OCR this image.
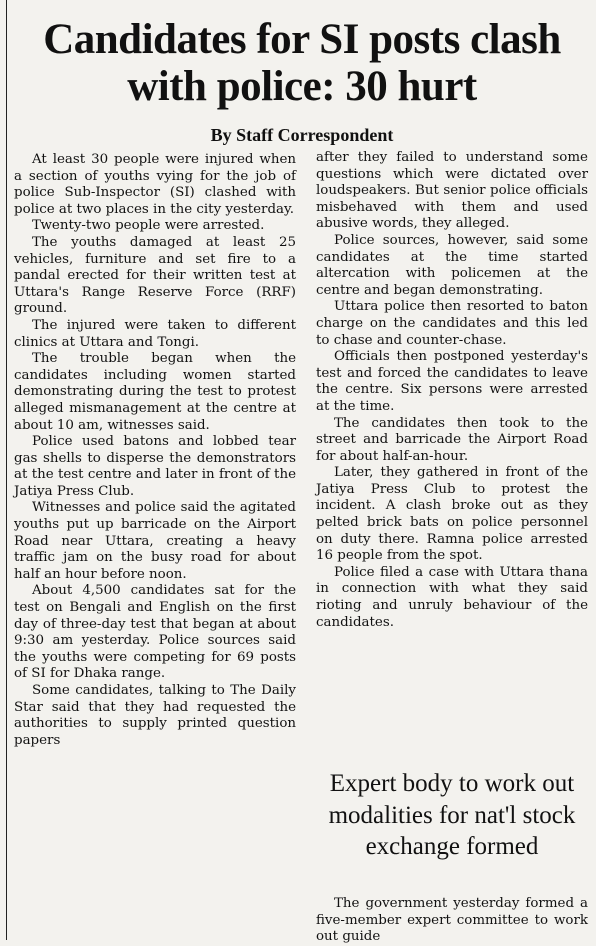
Candidates for SI posts clash with police: 30 hurt
By Staff Correspondent

At least 30 people were injured when a section of youths vying for the job of police Sub-Inspector (SI) clashed with police at two places in the city yesterday.

Twenty-two people were arrested.

The youths damaged at least 25 vehicles, furniture and set fire to a pandal erected for their written test at Uttara's Range Reserve Force (RRF) ground.

The injured were taken to different clinics at Uttara and Tongi.

The trouble began when the candidates including women started demonstrating during the test to protest alleged mismanagement at the centre at about 10 am, witnesses said.

Police used batons and lobbed tear gas shells to disperse the demonstrators at the test centre and later in front of the Jatiya Press Club.

Witnesses and police said the agitated youths put up barricade on the Airport Road near Uttara, creating a heavy traffic jam on the busy road for about half an hour before noon.

About 4,500 candidates sat for the test on Bengali and English on the first day of three-day test that began at about 9:30 am yesterday. Police sources said the youths were competing for 69 posts of SI for Dhaka range.

Some candidates, talking to The Daily Star said that they had requested the authorities to supply printed question papers

after they failed to understand some questions which were dictated over loudspeakers. But senior police officials misbehaved with them and used abusive words, they alleged.

Police sources, however, said some candidates at the time started altercation with policemen at the centre and began demonstrating.

Uttara police then resorted to baton charge on the candidates and this led to chase and counter-chase.

Officials then postponed yesterday's test and forced the candidates to leave the centre. Six persons were arrested at the time.

The candidates then took to the street and barricade the Airport Road for about half-an-hour.

Later, they gathered in front of the Jatiya Press Club to protest the incident. A clash broke out as they pelted brick bats on police personnel on duty there. Ramna police arrested 16 people from the spot.

Police filed a case with Uttara thana in connection with what they said rioting and unruly behaviour of the candidates.

Expert body to work out modalities for nat'l stock exchange formed

The government yesterday formed a five-member expert committee to work out guide
